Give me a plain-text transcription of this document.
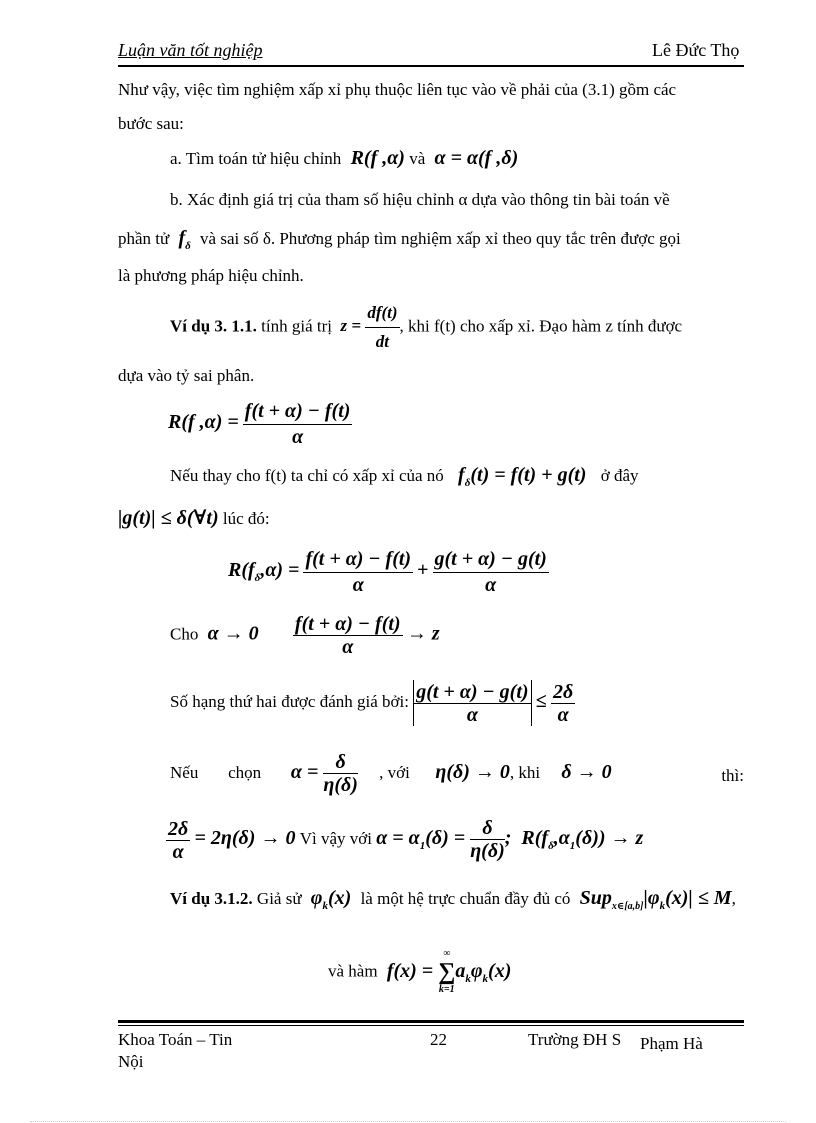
Luận văn tốt nghiệp	Lê Đức Thọ
Như vậy, việc tìm nghiệm xấp xỉ phụ thuộc liên tục vào về phải của (3.1) gồm các
bước sau:
a. Tìm toán tử hiệu chỉnh  R(f ,α) và  α = α(f ,δ)
b. Xác định giá trị của tham số hiệu chỉnh α dựa vào thông tin bài toán về
phần tử  $f_\delta$ và sai số δ. Phương pháp tìm nghiệm xấp xỉ theo quy tắc trên được gọi
là phương pháp hiệu chỉnh.
Ví dụ 3. 1.1. tính giá trị  $z = \frac{df(t)}{dt}$ , khi f(t) cho xấp xỉ. Đạo hàm z tính được
dựa vào tỷ sai phân.
R(f $,\alpha) = \frac{f(t + \alpha) - f(t)}{\alpha}$
Nếu thay cho f(t) ta chỉ có xấp xỉ của nó   $f_\delta(t) = f(t) + g(t)$   ở đây
|g(t)| ≤ δ(∀t) lúc đó:
$R(f_\delta,\alpha) = \frac{f(t + \alpha) - f(t)}{\alpha} + \frac{g(t + \alpha) - g(t)}{\alpha}$
Cho  $\alpha \to 0 \frac{f(t + \alpha) - f(t)}{\alpha} \to z$
Số hạng thứ hai được đánh giá bởi: $\frac{g(t + \alpha) - g(t)}{\alpha} \le \frac{2\delta}{\alpha}$
Nếu chọn $\alpha = \frac{\delta}{\eta(\delta)}$ , với η(δ) → 0, khi δ → 0	thì:
$\frac{2\delta}{\alpha} = 2\eta(\delta) \to 0$ Vì vậy với $\alpha = \alpha_1(\delta) = \frac{\delta}{\eta(\delta)}$ ;  $R(f_\delta,\alpha_1(\delta)) \to z$
Ví dụ 3.1.2. Giả sử  $\varphi_k(x)$  là một hệ trực chuẩn đầy đủ có  $Sup_{x\in[a,b]}|\varphi_k(x)| \le M$,
và hàm  f(x) =
∞
∑
k=1
$a_k\varphi_k(x)$
Khoa Toán – Tin
Nội
22	Trường ĐH S Phạm Hà
